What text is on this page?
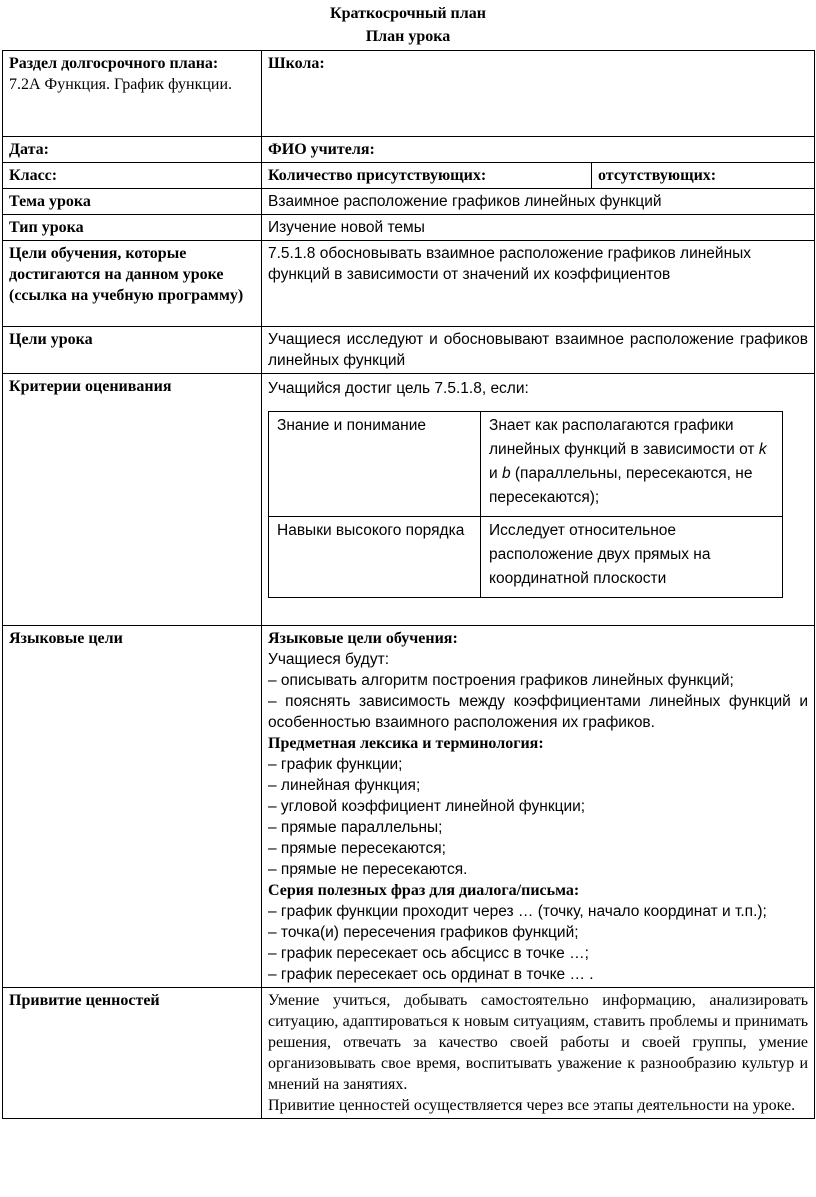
Краткосрочный план
План урока
Раздел долгосрочного плана:
7.2А Функция. График функции.
	Школа:
Дата:	ФИО учителя:
Класс:	Количество присутствующих:	отсутствующих:
Тема урока	Взаимное расположение графиков линейных функций
Тип урока	Изучение новой темы
Цели обучения, которые достигаются на данном уроке (ссылка на учебную программу)	7.5.1.8 обосновывать взаимное расположение графиков линейных функций в зависимости от значений их коэффициентов
Цели урока	Учащиеся исследуют и обосновывают взаимное расположение графиков линейных функций
Критерии оценивания	Учащийся достиг цель 7.5.1.8, если:
Знание и понимание	Знает как располагаются графики линейных функций в зависимости от k и b (параллельны, пересекаются, не пересекаются);
Навыки высокого порядка	Исследует относительное расположение двух прямых на координатной плоскости

Языковые цели	Языковые цели обучения:

Учащиеся будут:

‒ описывать алгоритм построения графиков линейных функций;

‒ пояснять зависимость между коэффициентами линейных функций и особенностью взаимного расположения их графиков.

Предметная лексика и терминология:

‒ график функции;

‒ линейная функция;

‒ угловой коэффициент линейной функции;

‒ прямые параллельны;

‒ прямые пересекаются;

‒ прямые не пересекаются.

Серия полезных фраз для диалога/письма:

‒ график функции проходит через … (точку, начало координат и т.п.);

‒ точка(и) пересечения графиков функций;

‒ график пересекает ось абсцисс в точке …;

‒ график пересекает ось ординат в точке … .

Привитие ценностей	Умение учиться, добывать самостоятельно информацию, анализировать ситуацию, адаптироваться к новым ситуациям, ставить проблемы и принимать решения, отвечать за качество своей работы и своей группы, умение организовывать свое время, воспитывать уважение к разнообразию культур и мнений на занятиях.
Привитие ценностей осуществляется через все этапы деятельности на уроке.
